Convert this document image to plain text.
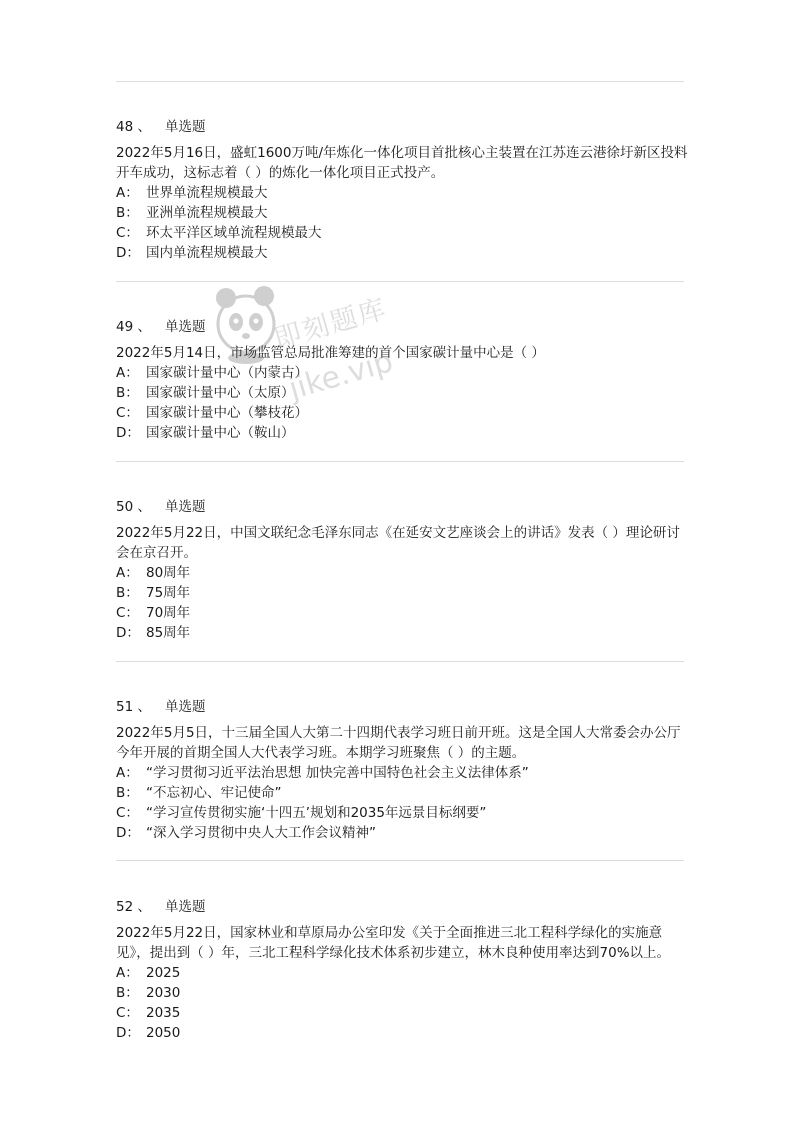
48 、 单选题

2022年5月16日，盛虹1600万吨/年炼化一体化项目首批核心主装置在江苏连云港徐圩新区投料开车成功，这标志着（ ）的炼化一体化项目正式投产。

A： 世界单流程规模最大
B： 亚洲单流程规模最大
C： 环太平洋区域单流程规模最大
D： 国内单流程规模最大
49 、 单选题

2022年5月14日，市场监管总局批准筹建的首个国家碳计量中心是（ ）

A： 国家碳计量中心（内蒙古）
B： 国家碳计量中心（太原）
C： 国家碳计量中心（攀枝花）
D： 国家碳计量中心（鞍山）
50 、 单选题

2022年5月22日，中国文联纪念毛泽东同志《在延安文艺座谈会上的讲话》发表（ ）理论研讨会在京召开。

A： 80周年
B： 75周年
C： 70周年
D： 85周年
51 、 单选题

2022年5月5日，十三届全国人大第二十四期代表学习班日前开班。这是全国人大常委会办公厅今年开展的首期全国人大代表学习班。本期学习班聚焦（ ）的主题。

A： “学习贯彻习近平法治思想 加快完善中国特色社会主义法律体系”
B： “不忘初心、牢记使命”
C： “学习宣传贯彻实施‘十四五’规划和2035年远景目标纲要”
D： “深入学习贯彻中央人大工作会议精神”
52 、 单选题

2022年5月22日，国家林业和草原局办公室印发《关于全面推进三北工程科学绿化的实施意见》，提出到（ ）年，三北工程科学绿化技术体系初步建立，林木良种使用率达到70%以上。

A： 2025
B： 2030
C： 2035
D： 2050
即刻题库
jike.vip
